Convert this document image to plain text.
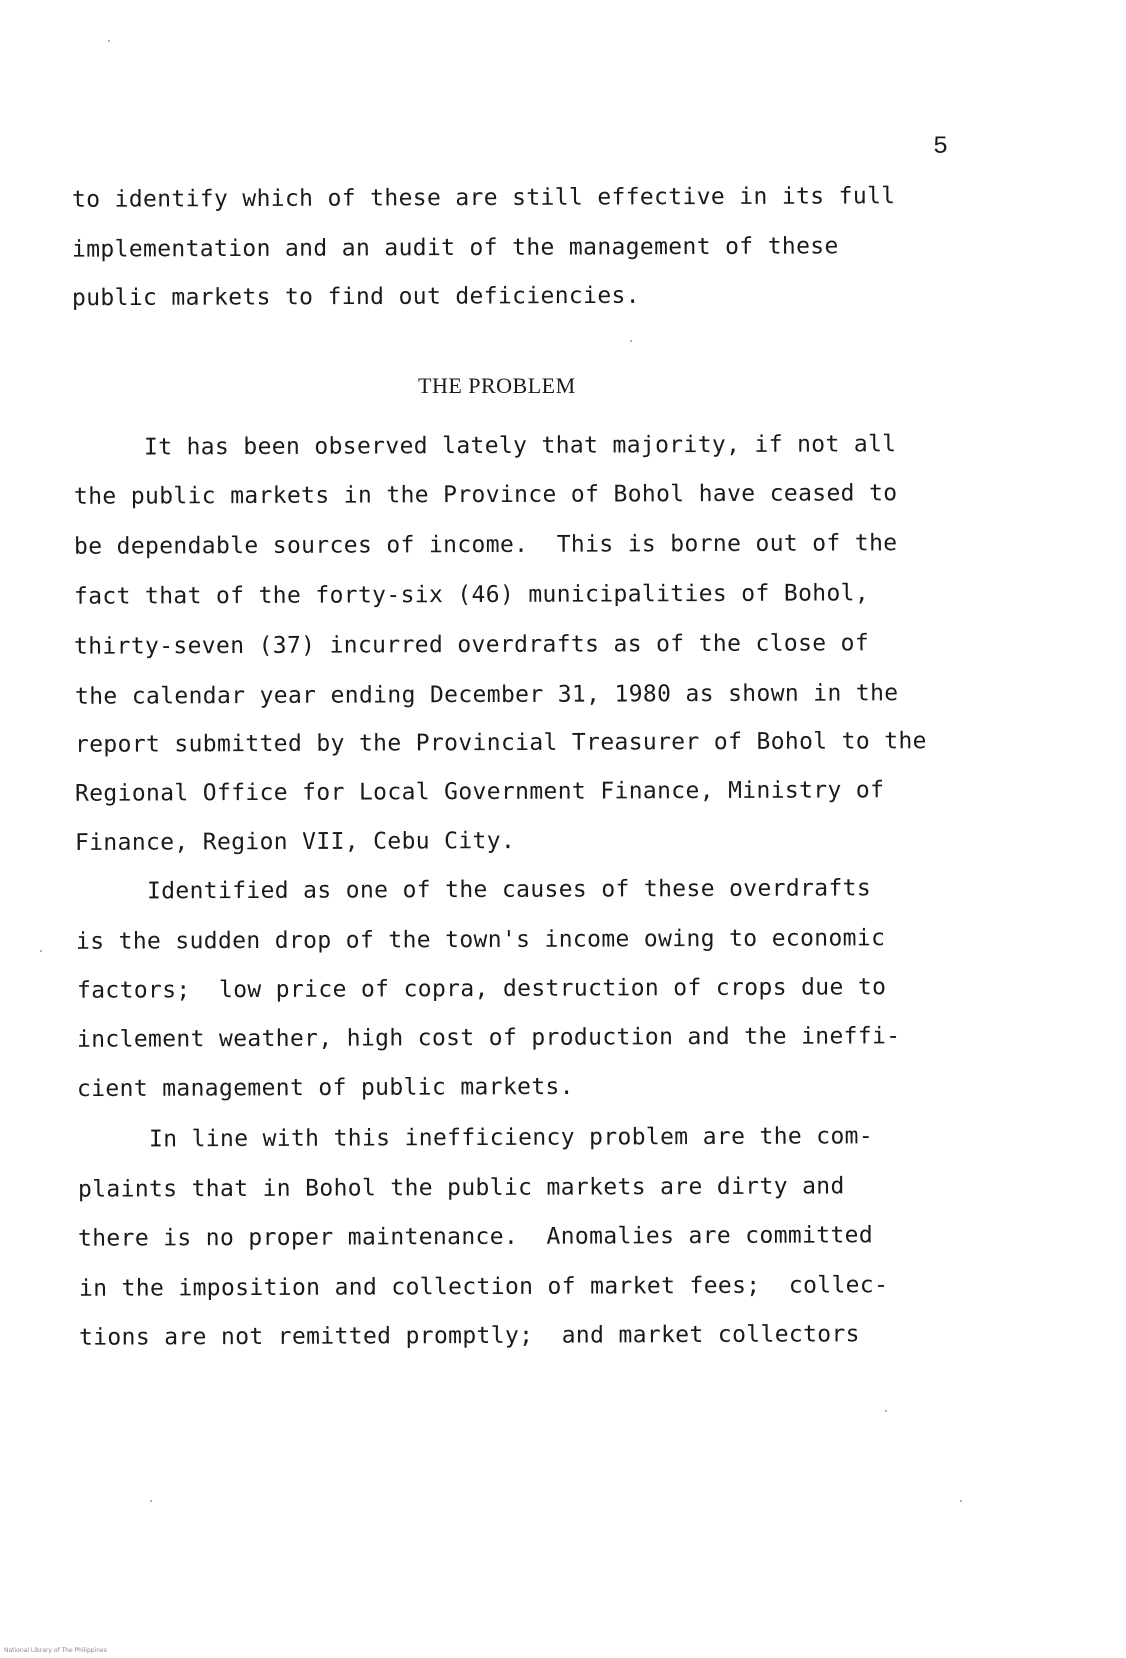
5
to identify which of these are still effective in its full
implementation and an audit of the management of these
public markets to find out deficiencies.
THE PROBLEM
It has been observed lately that majority, if not all
the public markets in the Province of Bohol have ceased to
be dependable sources of income.  This is borne out of the
fact that of the forty-six (46) municipalities of Bohol,
thirty-seven (37) incurred overdrafts as of the close of
the calendar year ending December 31, 1980 as shown in the
report submitted by the Provincial Treasurer of Bohol to the
Regional Office for Local Government Finance, Ministry of
Finance, Region VII, Cebu City.
Identified as one of the causes of these overdrafts
is the sudden drop of the town's income owing to economic
factors;  low price of copra, destruction of crops due to
inclement weather, high cost of production and the ineffi-
cient management of public markets.
In line with this inefficiency problem are the com-
plaints that in Bohol the public markets are dirty and
there is no proper maintenance.  Anomalies are committed
in the imposition and collection of market fees;  collec-
tions are not remitted promptly;  and market collectors
National Library of The Philippines
